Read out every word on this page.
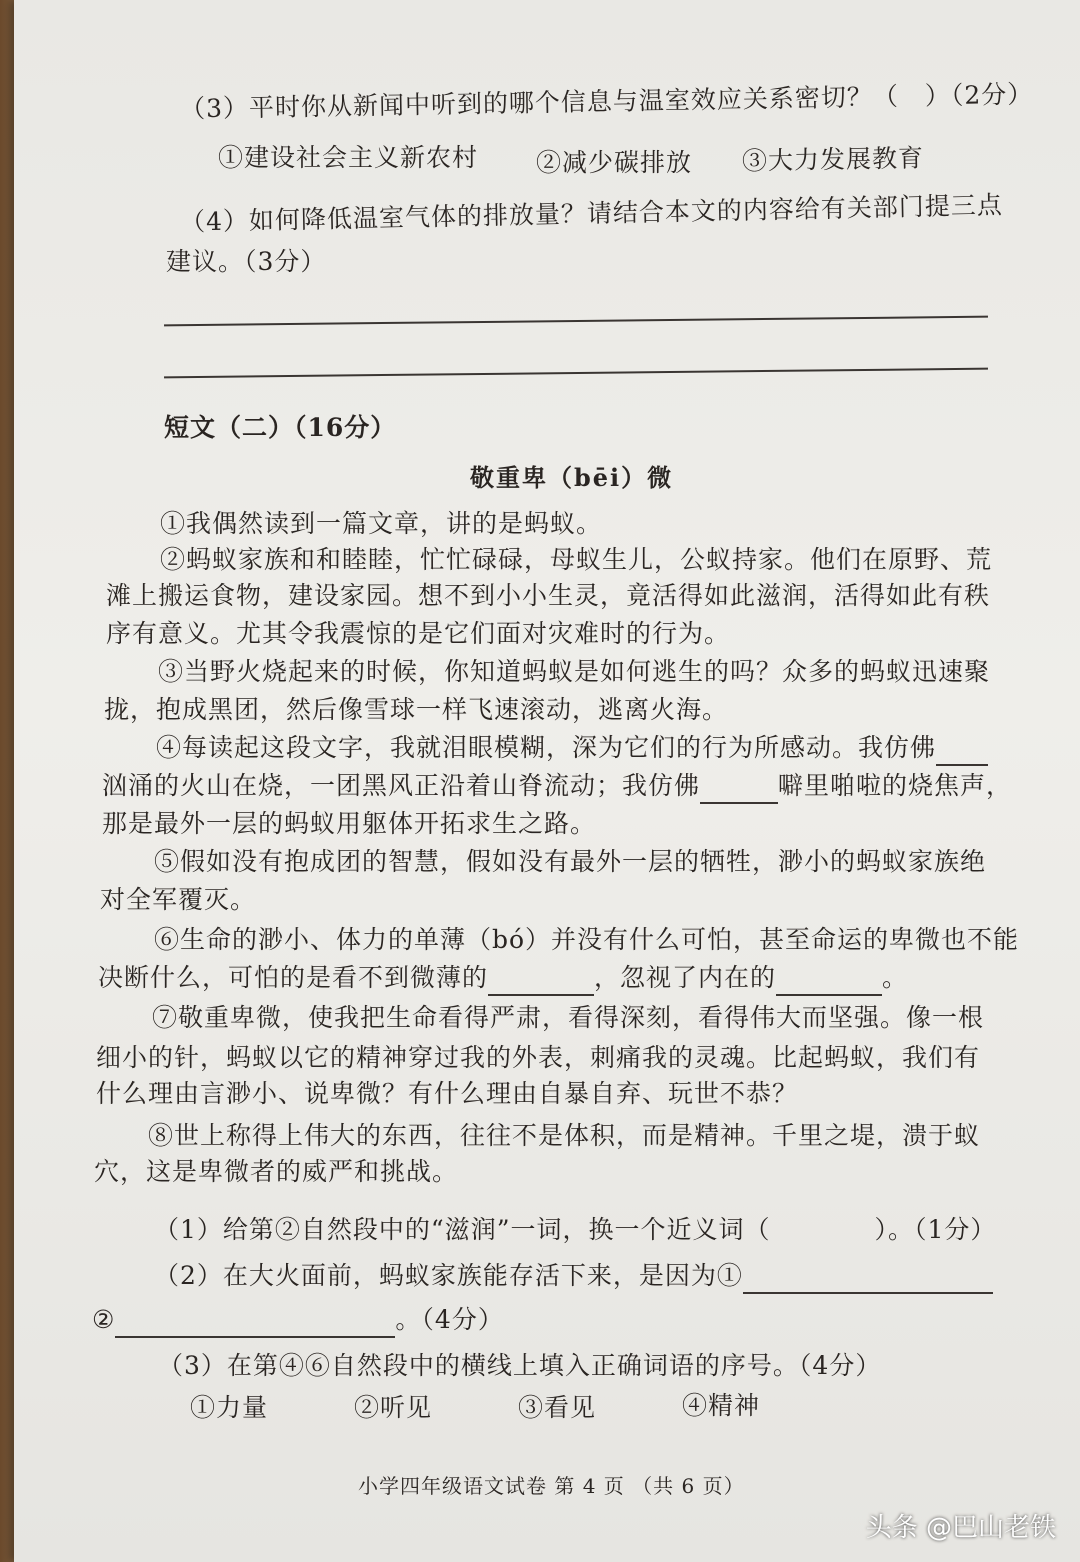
（3）平时你从新闻中听到的哪个信息与温室效应关系密切？（　）（2分）
①建设社会主义新农村 ②减少碳排放 ③大力发展教育
（4）如何降低温室气体的排放量？请结合本文的内容给有关部门提三点
建议。（3分）
短文（二）（16分）
敬重卑（bēi）微
①我偶然读到一篇文章，讲的是蚂蚁。
②蚂蚁家族和和睦睦，忙忙碌碌，母蚁生儿，公蚁持家。他们在原野、荒
滩上搬运食物，建设家园。想不到小小生灵，竟活得如此滋润，活得如此有秩
序有意义。尤其令我震惊的是它们面对灾难时的行为。
③当野火烧起来的时候，你知道蚂蚁是如何逃生的吗？众多的蚂蚁迅速聚
拢，抱成黑团，然后像雪球一样飞速滚动，逃离火海。
④每读起这段文字，我就泪眼模糊，深为它们的行为所感动。我仿佛
汹涌的火山在烧，一团黑风正沿着山脊流动；我仿佛	噼里啪啦的烧焦声，
那是最外一层的蚂蚁用躯体开拓求生之路。
⑤假如没有抱成团的智慧，假如没有最外一层的牺牲，渺小的蚂蚁家族绝
对全军覆灭。
⑥生命的渺小、体力的单薄（bó）并没有什么可怕，甚至命运的卑微也不能
决断什么，可怕的是看不到微薄的	，忽视了内在的	。
⑦敬重卑微，使我把生命看得严肃，看得深刻，看得伟大而坚强。像一根
细小的针，蚂蚁以它的精神穿过我的外表，刺痛我的灵魂。比起蚂蚁，我们有
什么理由言渺小、说卑微？有什么理由自暴自弃、玩世不恭？
⑧世上称得上伟大的东西，往往不是体积，而是精神。千里之堤，溃于蚁
穴，这是卑微者的威严和挑战。
（1）给第②自然段中的“滋润”一词，换一个近义词（　　　　）。（1分）
（2）在大火面前，蚂蚁家族能存活下来，是因为①
②	。（4分）
（3）在第④⑥自然段中的横线上填入正确词语的序号。（4分）
①力量	②听见	③看见	④精神
小学四年级语文试卷 第 4 页 （共 6 页）
头条 @巴山老铁
